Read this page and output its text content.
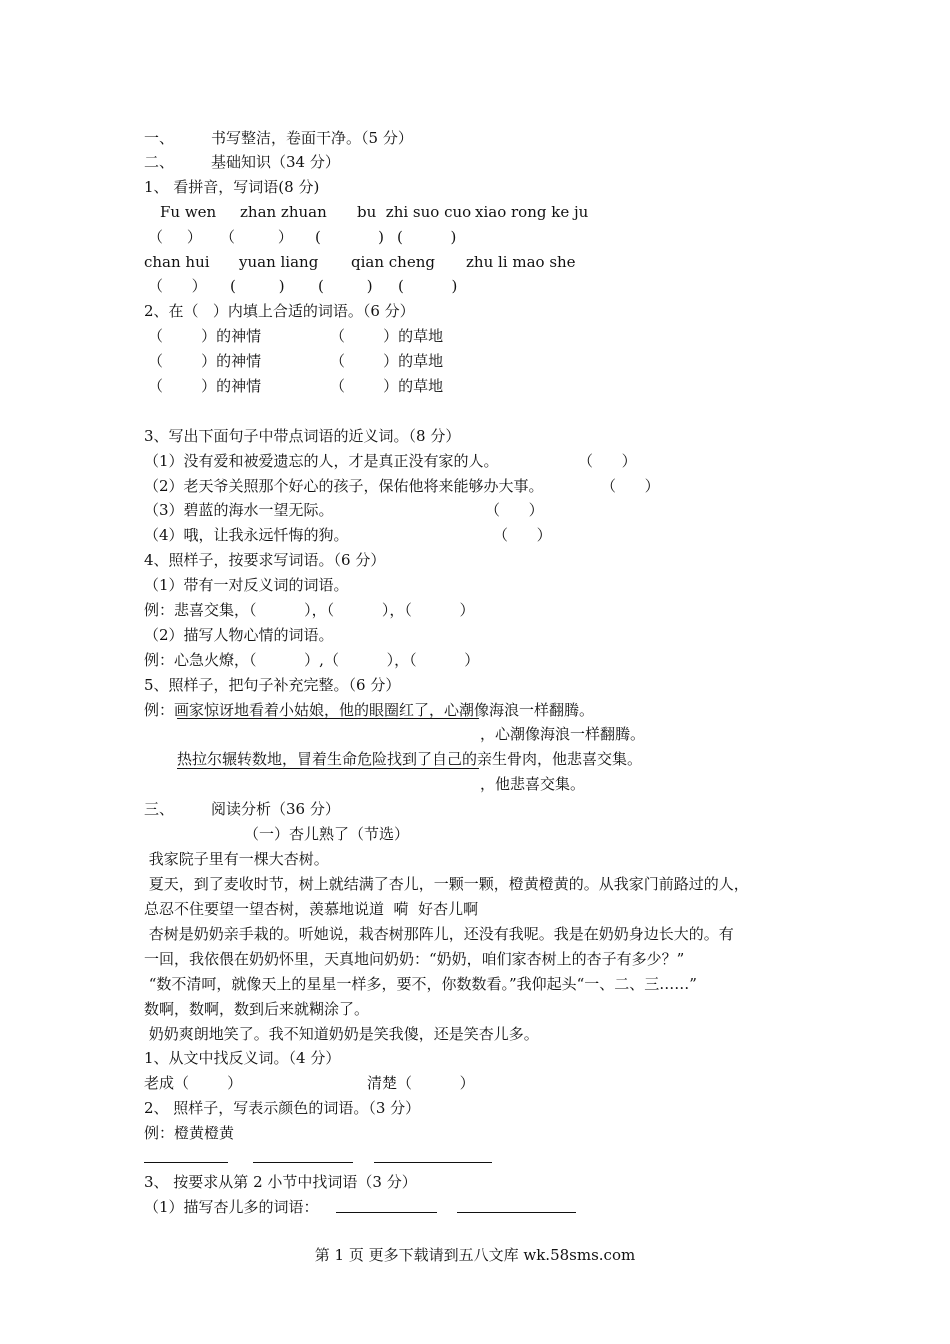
一、 书写整洁，卷面干净。（5 分）
二、 基础知识（34 分）
1、 看拼音，写词语(8 分)
Fu wen zhan zhuan bu  zhi suo cuo xiao rong ke ju
（     ） （         ） (            ) (          )
chan hui yuan liang qian cheng zhu li mao she
（      ） (         ) (         ) (          )
2、在（   ）内填上合适的词语。（6 分）
（        ）的神情	（        ）的草地
（        ）的神情	（        ）的草地
（        ）的神情	（        ）的草地
3、写出下面句子中带点词语的近义词。（8 分）
（1）没有爱和被爱遗忘的人，才是真正没有家的人。	（      ）
（2）老天爷关照那个好心的孩子，保佑他将来能够办大事。	（      ）
（3）碧蓝的海水一望无际。	（      ）
（4）哦，让我永远忏悔的狗。	（      ）
4、照样子，按要求写词语。（6 分）
（1）带有一对反义词的词语。
例：悲喜交集，（          ），（          ），（          ）
（2）描写人物心情的词语。
例：心急火燎，（          ）,（          ），（          ）
5、照样子，把句子补充完整。（6 分）
例：画家惊讶地看着小姑娘，他的眼圈红了，心潮像海浪一样翻腾。
，心潮像海浪一样翻腾。
热拉尔辗转数地，冒着生命危险找到了自己的亲生骨肉，他悲喜交集。
，他悲喜交集。
三、 阅读分析（36 分）
（一）杏儿熟了（节选）
我家院子里有一棵大杏树。
夏天，到了麦收时节，树上就结满了杏儿，一颗一颗，橙黄橙黄的。从我家门前路过的人，
总忍不住要望一望杏树，羡慕地说道  嗬  好杏儿啊
杏树是奶奶亲手栽的。听她说，栽杏树那阵儿，还没有我呢。我是在奶奶身边长大的。有
一回，我依偎在奶奶怀里，天真地问奶奶：“奶奶，咱们家杏树上的杏子有多少？”
“数不清呵，就像天上的星星一样多，要不，你数数看。”我仰起头“一、二、三……”
数啊，数啊，数到后来就糊涂了。
奶奶爽朗地笑了。我不知道奶奶是笑我傻，还是笑杏儿多。
1、从文中找反义词。（4 分）
老成（        ）	清楚（          ）
2、 照样子，写表示颜色的词语。（3 分）
例：橙黄橙黄
3、 按要求从第 2 小节中找词语（3 分）
（1）描写杏儿多的词语：
第 1 页 更多下载请到五八文库 wk.58sms.com
